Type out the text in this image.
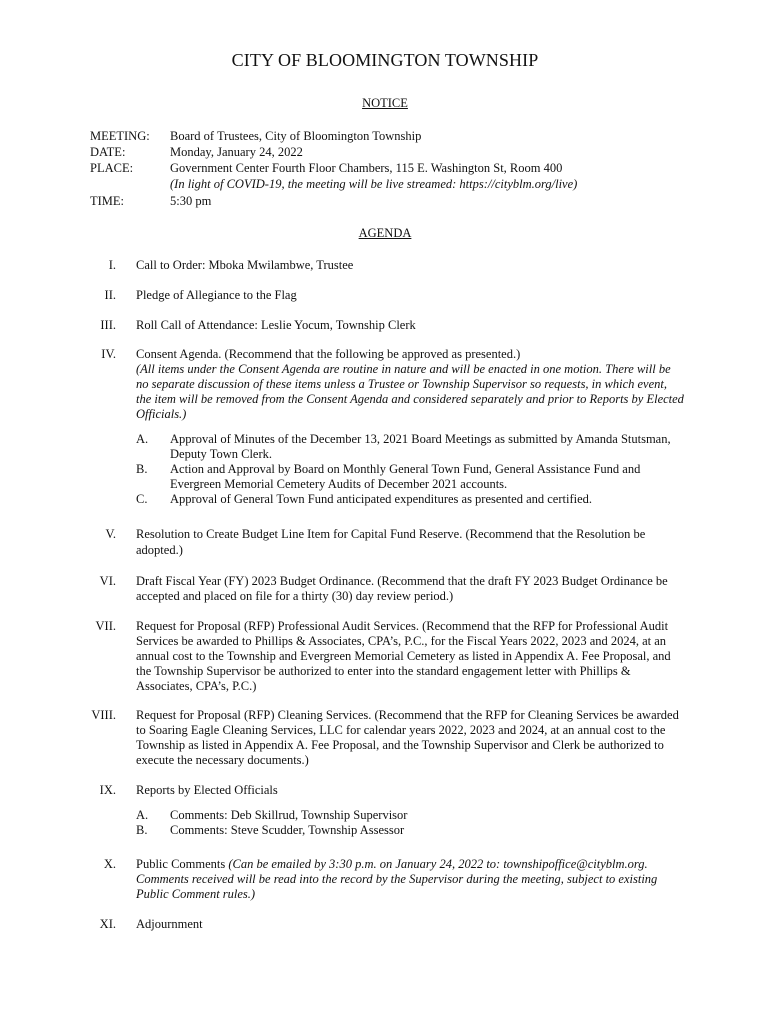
CITY OF BLOOMINGTON TOWNSHIP
NOTICE
MEETING:	Board of Trustees, City of Bloomington Township
DATE:	Monday, January 24, 2022
PLACE:	Government Center Fourth Floor Chambers, 115 E. Washington St, Room 400
(In light of COVID-19, the meeting will be live streamed: https://cityblm.org/live)
TIME:	5:30 pm
AGENDA
I. Call to Order: Mboka Mwilambwe, Trustee
II. Pledge of Allegiance to the Flag
III. Roll Call of Attendance: Leslie Yocum, Township Clerk
IV. Consent Agenda. (Recommend that the following be approved as presented.)
(All items under the Consent Agenda are routine in nature and will be enacted in one motion. There will be no separate discussion of these items unless a Trustee or Township Supervisor so requests, in which event, the item will be removed from the Consent Agenda and considered separately and prior to Reports by Elected Officials.)
A. Approval of Minutes of the December 13, 2021 Board Meetings as submitted by Amanda Stutsman, Deputy Town Clerk.
B. Action and Approval by Board on Monthly General Town Fund, General Assistance Fund and Evergreen Memorial Cemetery Audits of December 2021 accounts.
C. Approval of General Town Fund anticipated expenditures as presented and certified.
V. Resolution to Create Budget Line Item for Capital Fund Reserve. (Recommend that the Resolution be adopted.)
VI. Draft Fiscal Year (FY) 2023 Budget Ordinance. (Recommend that the draft FY 2023 Budget Ordinance be accepted and placed on file for a thirty (30) day review period.)
VII. Request for Proposal (RFP) Professional Audit Services. (Recommend that the RFP for Professional Audit Services be awarded to Phillips & Associates, CPA’s, P.C., for the Fiscal Years 2022, 2023 and 2024, at an annual cost to the Township and Evergreen Memorial Cemetery as listed in Appendix A. Fee Proposal, and the Township Supervisor be authorized to enter into the standard engagement letter with Phillips & Associates, CPA’s, P.C.)
VIII. Request for Proposal (RFP) Cleaning Services. (Recommend that the RFP for Cleaning Services be awarded to Soaring Eagle Cleaning Services, LLC for calendar years 2022, 2023 and 2024, at an annual cost to the Township as listed in Appendix A. Fee Proposal, and the Township Supervisor and Clerk be authorized to execute the necessary documents.)
IX. Reports by Elected Officials
A. Comments: Deb Skillrud, Township Supervisor
B. Comments: Steve Scudder, Township Assessor
X. Public Comments (Can be emailed by 3:30 p.m. on January 24, 2022 to: townshipoffice@cityblm.org. Comments received will be read into the record by the Supervisor during the meeting, subject to existing Public Comment rules.)
XI. Adjournment
